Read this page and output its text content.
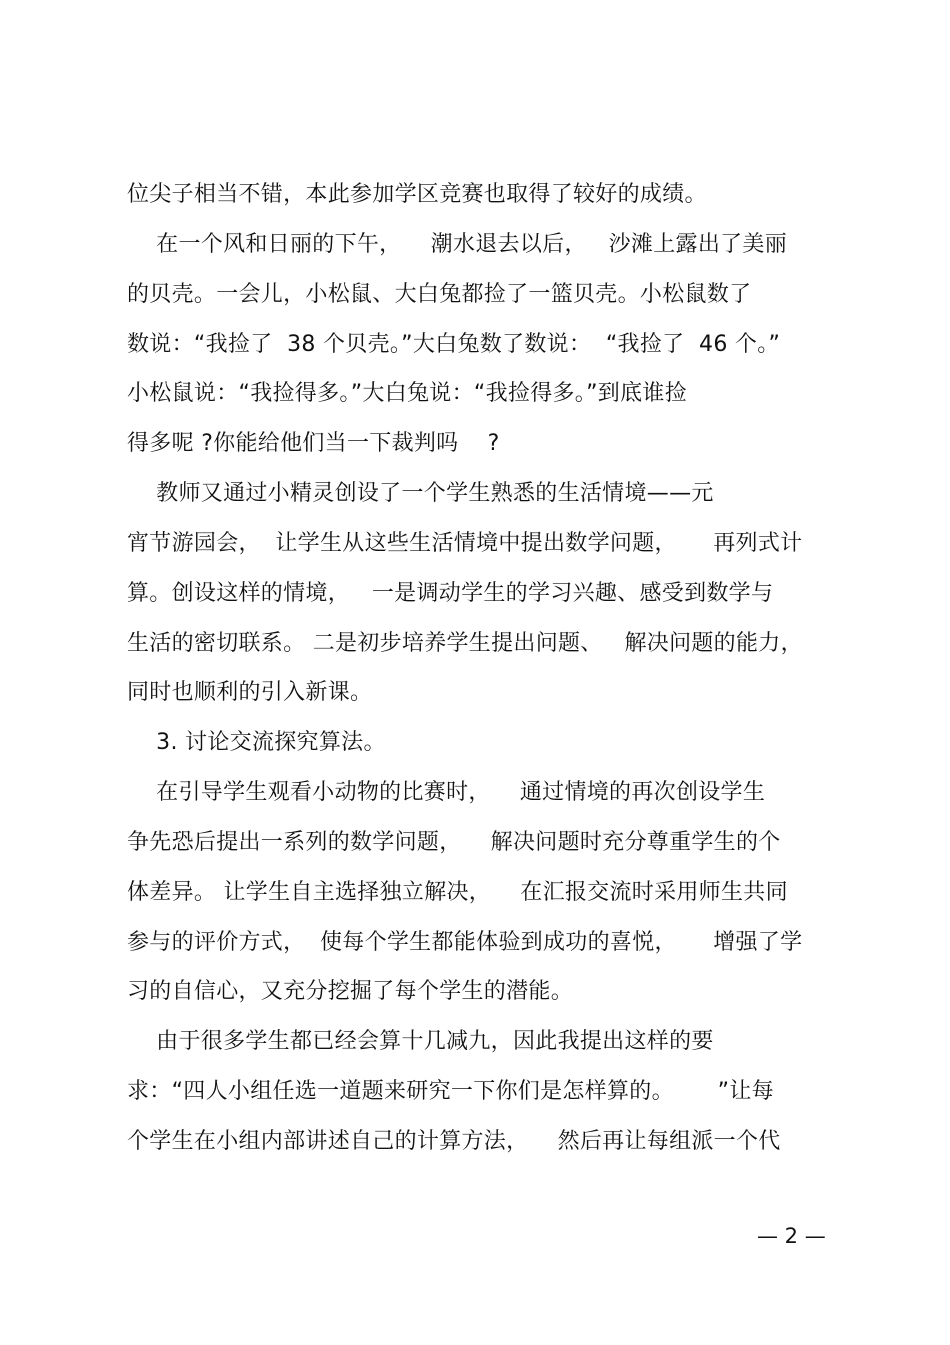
位尖子相当不错，本此参加学区竞赛也取得了较好的成绩。
在一个风和日丽的下午，    潮水退去以后，   沙滩上露出了美丽
的贝壳。一会儿，小松鼠、大白兔都捡了一篮贝壳。小松鼠数了
数说：“我捡了  38 个贝壳。”大白兔数了数说：  “我捡了  46 个。”
小松鼠说：“我捡得多。”大白兔说：“我捡得多。”到底谁捡
得多呢 ?你能给他们当一下裁判吗    ?
教师又通过小精灵创设了一个学生熟悉的生活情境——元
宵节游园会，  让学生从这些生活情境中提出数学问题，     再列式计
算。创设这样的情境，   一是调动学生的学习兴趣、感受到数学与
生活的密切联系。 二是初步培养学生提出问题、   解决问题的能力，
同时也顺利的引入新课。
3. 讨论交流探究算法。
在引导学生观看小动物的比赛时，    通过情境的再次创设学生
争先恐后提出一系列的数学问题，    解决问题时充分尊重学生的个
体差异。 让学生自主选择独立解决，    在汇报交流时采用师生共同
参与的评价方式，  使每个学生都能体验到成功的喜悦，     增强了学
习的自信心，又充分挖掘了每个学生的潜能。
由于很多学生都已经会算十几减九，因此我提出这样的要
求：“四人小组任选一道题来研究一下你们是怎样算的。      ”让每
个学生在小组内部讲述自己的计算方法，    然后再让每组派一个代
— 2 —
